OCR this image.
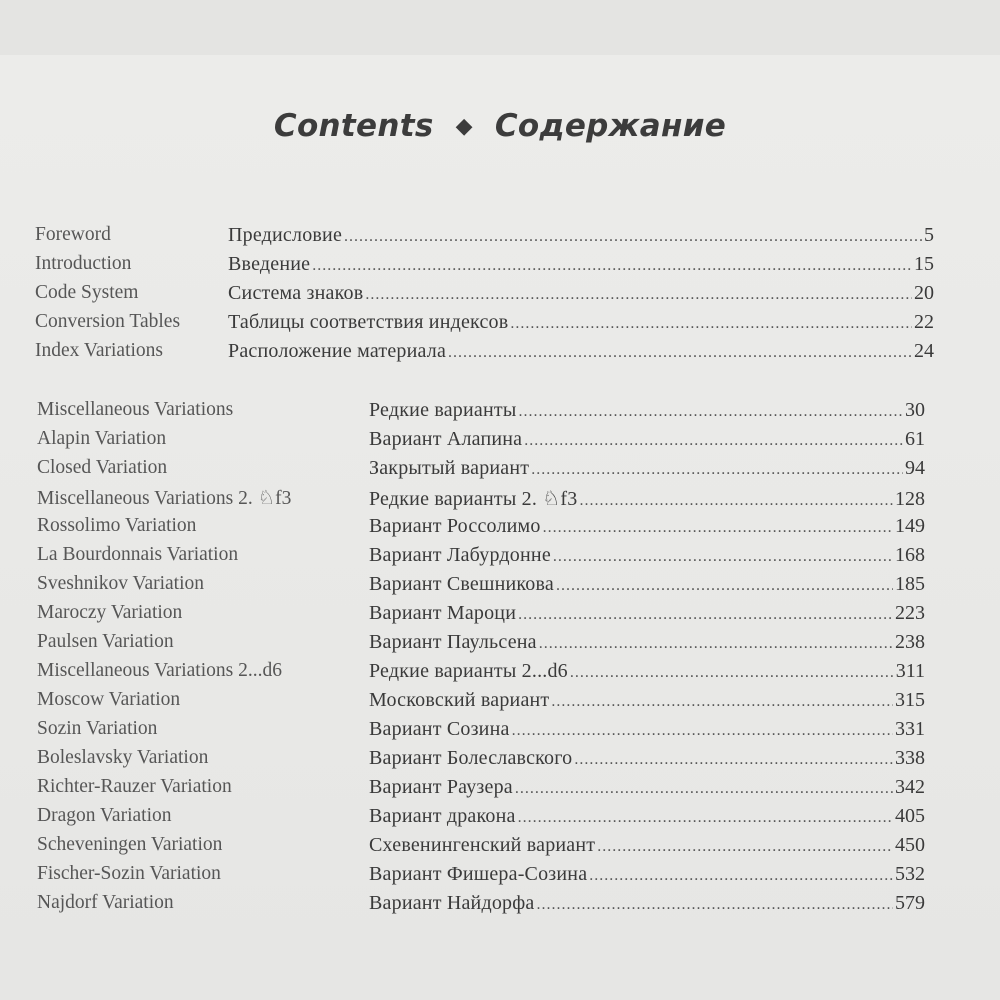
Contents ◆ Содержание
Foreword	Предисловие .....	5
Introduction	Введение .....	15
Code System	Система знаков .....	20
Conversion Tables Таблицы соответствия индексов .....	22
Index Variations	Расположение материала .....	24
Miscellaneous Variations	Редкие варианты .....	30
Alapin Variation	Вариант Алапина .....	61
Closed Variation	Закрытый вариант .....	94
Miscellaneous Variations 2. ♘f3	Редкие варианты 2. ♘f3 .....	128
Rossolimo Variation	Вариант Россолимо .....	149
La Bourdonnais Variation	Вариант Лабурдонне .....	168
Sveshnikov Variation	Вариант Свешникова .....	185
Maroczy Variation	Вариант Мароци .....	223
Paulsen Variation	Вариант Паульсена .....	238
Miscellaneous Variations 2...d6	Редкие варианты 2...d6 .....	311
Moscow Variation	Московский вариант .....	315
Sozin Variation	Вариант Созина .....	331
Boleslavsky Variation	Вариант Болеславского .....	338
Richter-Rauzer Variation	Вариант Раузера .....	342
Dragon Variation	Вариант дракона .....	405
Scheveningen Variation	Схевенингенский вариант .....	450
Fischer-Sozin Variation	Вариант Фишера-Созина .....	532
Najdorf Variation	Вариант Найдорфа .....	579
